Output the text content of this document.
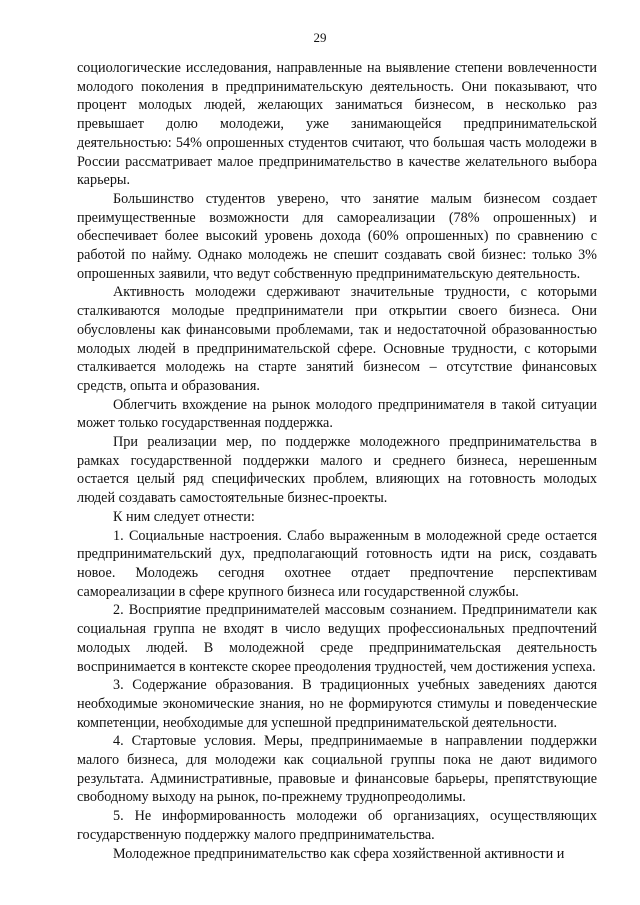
29

социологические исследования, направленные на выявление степени вовлеченности молодого поколения в предпринимательскую деятельность. Они показывают, что процент молодых людей, желающих заниматься бизнесом, в несколько раз превышает долю молодежи, уже занимающейся предпринимательской деятельностью: 54% опрошенных студентов считают, что большая часть молодежи в России рассматривает малое предпринимательство в качестве желательного выбора карьеры.

Большинство студентов уверено, что занятие малым бизнесом создает преимущественные возможности для самореализации (78% опрошенных) и обеспечивает более высокий уровень дохода (60% опрошенных) по сравнению с работой по найму. Однако молодежь не спешит создавать свой бизнес: только 3% опрошенных заявили, что ведут собственную предпринимательскую деятельность.

Активность молодежи сдерживают значительные трудности, с которыми сталкиваются молодые предприниматели при открытии своего бизнеса. Они обусловлены как финансовыми проблемами, так и недостаточной образованностью молодых людей в предпринимательской сфере. Основные трудности, с которыми сталкивается молодежь на старте занятий бизнесом – отсутствие финансовых средств, опыта и образования.

Облегчить вхождение на рынок молодого предпринимателя в такой ситуации может только государственная поддержка.

При реализации мер, по поддержке молодежного предпринимательства в рамках государственной поддержки малого и среднего бизнеса, нерешенным остается целый ряд специфических проблем, влияющих на готовность молодых людей создавать самостоятельные бизнес-проекты.

К ним следует отнести:

1. Социальные настроения. Слабо выраженным в молодежной среде остается предпринимательский дух, предполагающий готовность идти на риск, создавать новое. Молодежь сегодня охотнее отдает предпочтение перспективам самореализации в сфере крупного бизнеса или государственной службы.

2. Восприятие предпринимателей массовым сознанием. Предприниматели как социальная группа не входят в число ведущих профессиональных предпочтений молодых людей. В молодежной среде предпринимательская деятельность воспринимается в контексте скорее преодоления трудностей, чем достижения успеха.

3. Содержание образования. В традиционных учебных заведениях даются необходимые экономические знания, но не формируются стимулы и поведенческие компетенции, необходимые для успешной предпринимательской деятельности.

4. Стартовые условия. Меры, предпринимаемые в направлении поддержки малого бизнеса, для молодежи как социальной группы пока не дают видимого результата. Административные, правовые и финансовые барьеры, препятствующие свободному выходу на рынок, по-прежнему труднопреодолимы.

5. Не информированность молодежи об организациях, осуществляющих государственную поддержку малого предпринимательства.

Молодежное предпринимательство как сфера хозяйственной активности и
